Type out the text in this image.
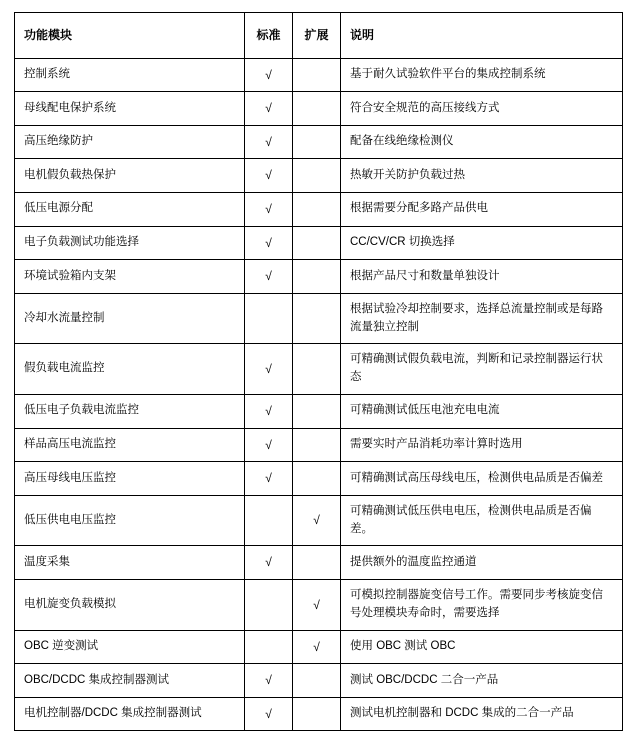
功能模块	标准	扩展	说明
控制系统	√		基于耐久试验软件平台的集成控制系统
母线配电保护系统	√		符合安全规范的高压接线方式
高压绝缘防护	√		配备在线绝缘检测仪
电机假负载热保护	√		热敏开关防护负载过热
低压电源分配	√		根据需要分配多路产品供电
电子负载测试功能选择	√		CC/CV/CR 切换选择
环境试验箱内支架	√		根据产品尺寸和数量单独设计
冷却水流量控制			根据试验冷却控制要求，选择总流量控制或是每路流量独立控制
假负载电流监控	√		可精确测试假负载电流，判断和记录控制器运行状态
低压电子负载电流监控	√		可精确测试低压电池充电电流
样品高压电流监控	√		需要实时产品消耗功率计算时选用
高压母线电压监控	√		可精确测试高压母线电压，检测供电品质是否偏差
低压供电电压监控		√	可精确测试低压供电电压，检测供电品质是否偏差。
温度采集	√		提供额外的温度监控通道
电机旋变负载模拟		√	可模拟控制器旋变信号工作。需要同步考核旋变信号处理模块寿命时，需要选择
OBC 逆变测试		√	使用 OBC 测试 OBC
OBC/DCDC 集成控制器测试	√		测试 OBC/DCDC 二合一产品
电机控制器/DCDC 集成控制器测试	√		测试电机控制器和 DCDC 集成的二合一产品
